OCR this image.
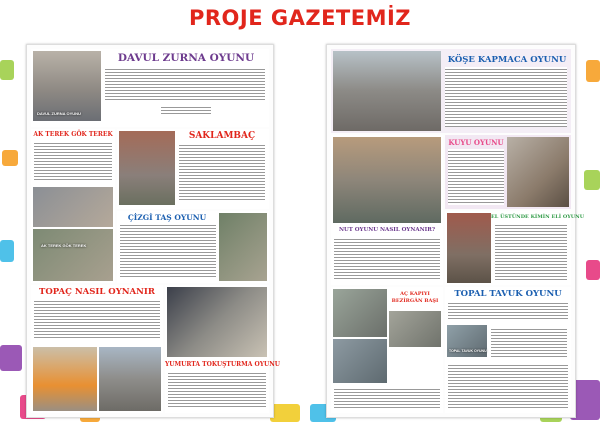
PROJE GAZETEMİZ
DAVUL ZURNA OYUNU
DAVUL ZURNA OYUNU
AK TEREK GÖK TEREK
AK TEREK GÖK TEREK
SAKLAMBAÇ
ÇİZGİ TAŞ OYUNU
TOPAÇ NASIL OYNANIR
YUMURTA TOKUŞTURMA OYUNU
KÖŞE KAPMACA OYUNU
NUT OYUNU NASIL OYNANIR?
KUYU OYUNU
EL ÜSTÜNDE KİMİN ELİ OYUNU
AÇ KAPIYI BEZİRGÂN BAŞI
TOPAL TAVUK OYUNU
TOPAL TAVUK OYUNU
